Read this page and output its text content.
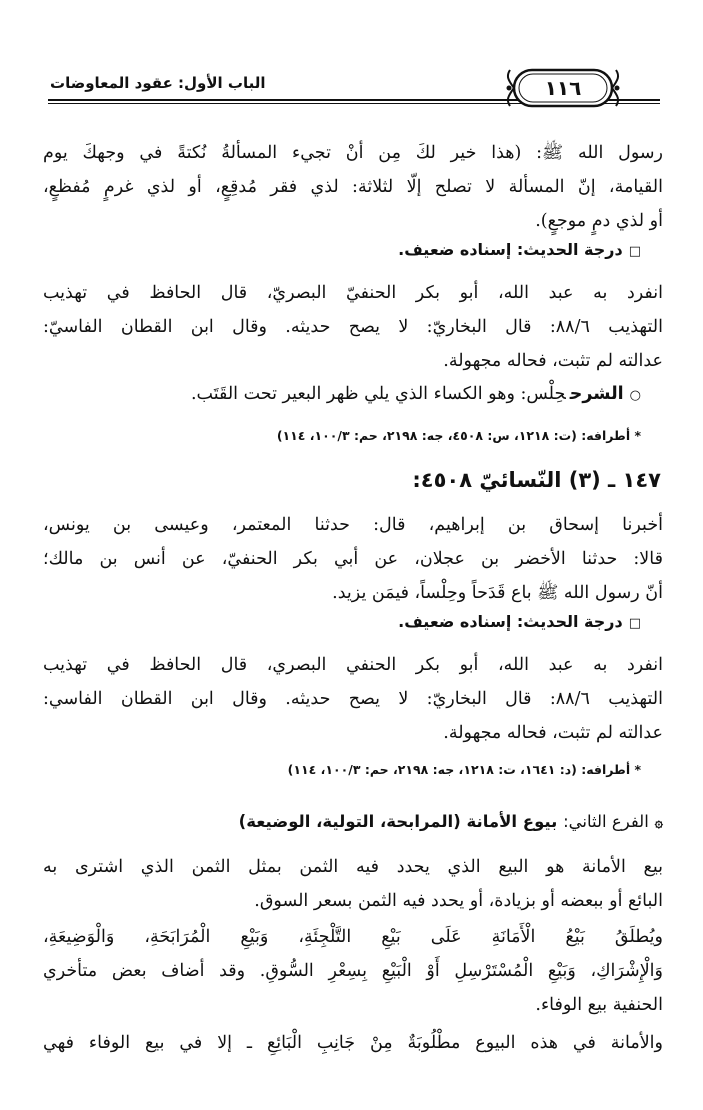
الباب الأول: عقود المعاوضات	١١٦
رسول الله ﷺ: (هذا خير لكَ مِن أنْ تجيء المسألةُ نُكتةً في وجهكَ يوم
القيامة، إنّ المسألة لا تصلح إلّا لثلاثة: لذي فقر مُدقِعٍ، أو لذي غرمٍ مُفظعٍ،
أو لذي دمٍ موجعٍ).
□درجة الحديث: إسناده ضعيف.
انفرد به عبد الله، أبو بكر الحنفيّ البصريّ، قال الحافظ في تهذيب
التهذيب ٨٨/٦: قال البخاريّ: لا يصح حديثه. وقال ابن القطان الفاسيّ:
عدالته لم تثبت، فحاله مجهولة.
○الشرححِلْس: وهو الكساء الذي يلي ظهر البعير تحت القَتَب.
* أطرافه: (ت: ١٢١٨، س: ٤٥٠٨، جه: ٢١٩٨، حم: ١٠٠/٣، ١١٤)
١٤٧ ـ (٣) النّسائيّ ٤٥٠٨:
أخبرنا إسحاق بن إبراهيم، قال: حدثنا المعتمر، وعيسى بن يونس،
قالا: حدثنا الأخضر بن عجلان، عن أبي بكر الحنفيّ، عن أنس بن مالك؛
أنّ رسول الله ﷺ باع قَدَحاً وحِلْساً، فيمَن يزيد.
□درجة الحديث: إسناده ضعيف.
انفرد به عبد الله، أبو بكر الحنفي البصري، قال الحافظ في تهذيب
التهذيب ٨٨/٦: قال البخاريّ: لا يصح حديثه. وقال ابن القطان الفاسي:
عدالته لم تثبت، فحاله مجهولة.
* أطرافه: (د: ١٦٤١، ت: ١٢١٨، جه: ٢١٩٨، حم: ١٠٠/٣، ١١٤)
۞الفرع الثاني: بيوع الأمانة (المرابحة، التولية، الوضيعة)
بيع الأمانة هو البيع الذي يحدد فيه الثمن بمثل الثمن الذي اشترى به
البائع أو ببعضه أو بزيادة، أو يحدد فيه الثمن بسعر السوق.
ويُطلَقُ بَيْعُ الْأَمَانَةِ عَلَى بَيْعِ التَّلْجِئَةِ، وَبَيْعِ الْمُرَابَحَةِ، وَالْوَضِيعَةِ،
وَالْإِشْرَاكِ، وَبَيْعِ الْمُسْتَرْسِلِ أَوْ الْبَيْعِ بِسِعْرِ السُّوقِ. وقد أضاف بعض متأخري
الحنفية بيع الوفاء.
والأمانة في هذه البيوع مطْلُوبَةٌ مِنْ جَانِبِ الْبَائِعِ ـ إلا في بيع الوفاء فهي
